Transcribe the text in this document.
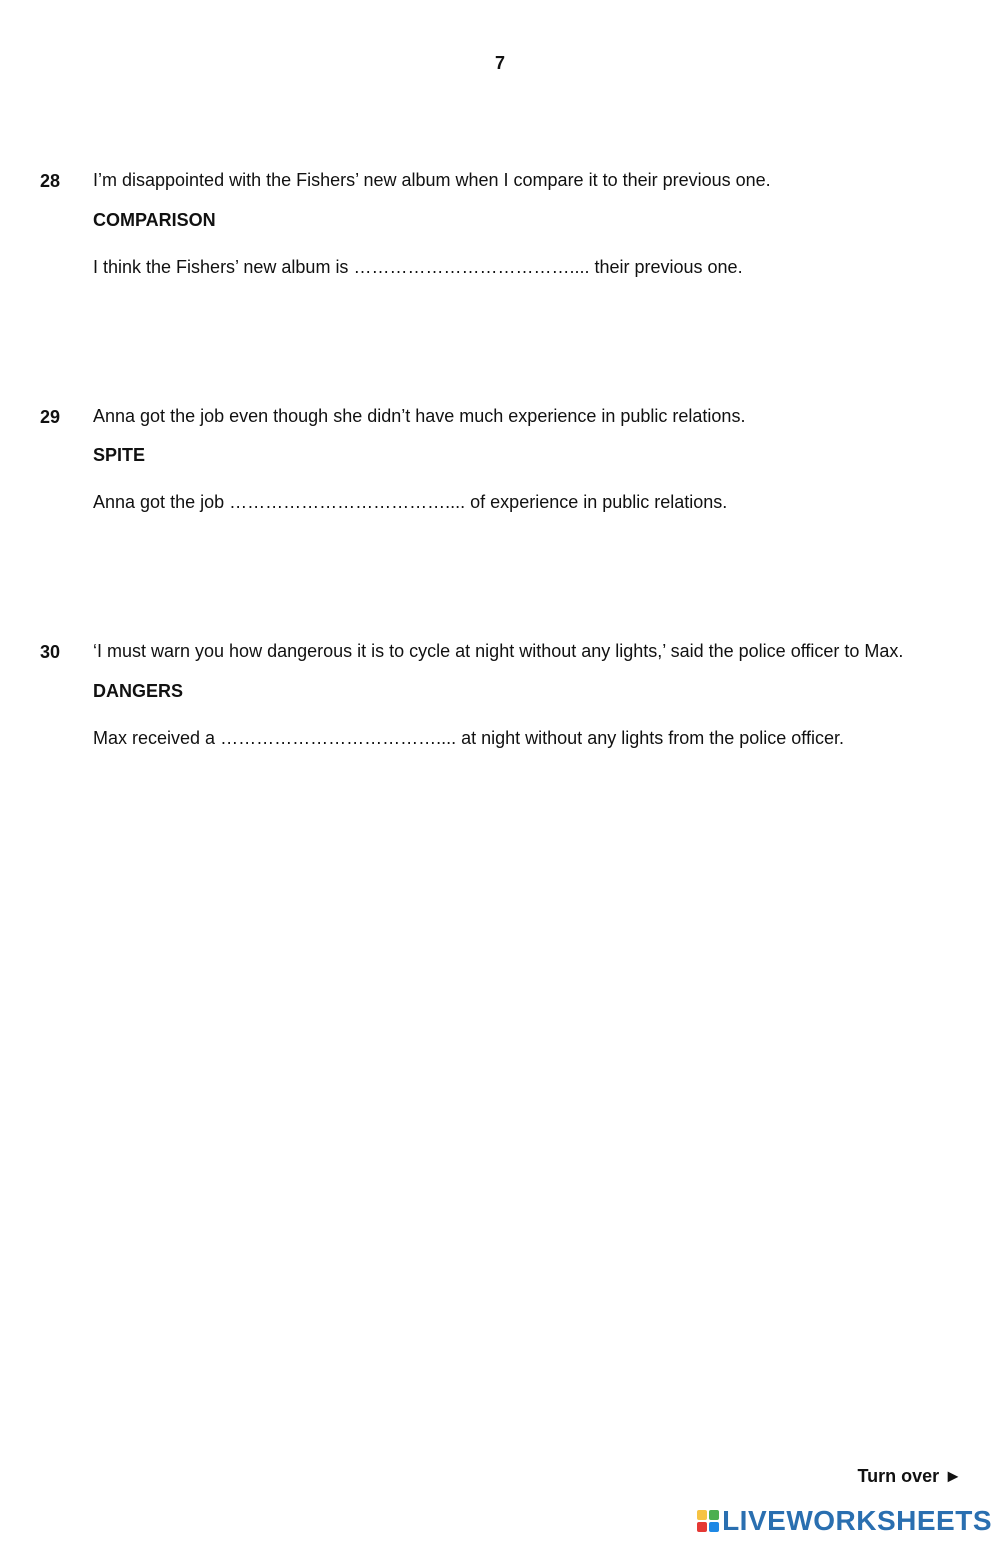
7
28 I’m disappointed with the Fishers’ new album when I compare it to their previous one.

COMPARISON

I think the Fishers’ new album is ……………………………….... their previous one.

29 Anna got the job even though she didn’t have much experience in public relations.

SPITE

Anna got the job ……………………………….... of experience in public relations.

30 ‘I must warn you how dangerous it is to cycle at night without any lights,’ said the police officer to Max.

DANGERS

Max received a ……………………………….... at night without any lights from the police officer.

Turn over ►
LIVEWORKSHEETS
